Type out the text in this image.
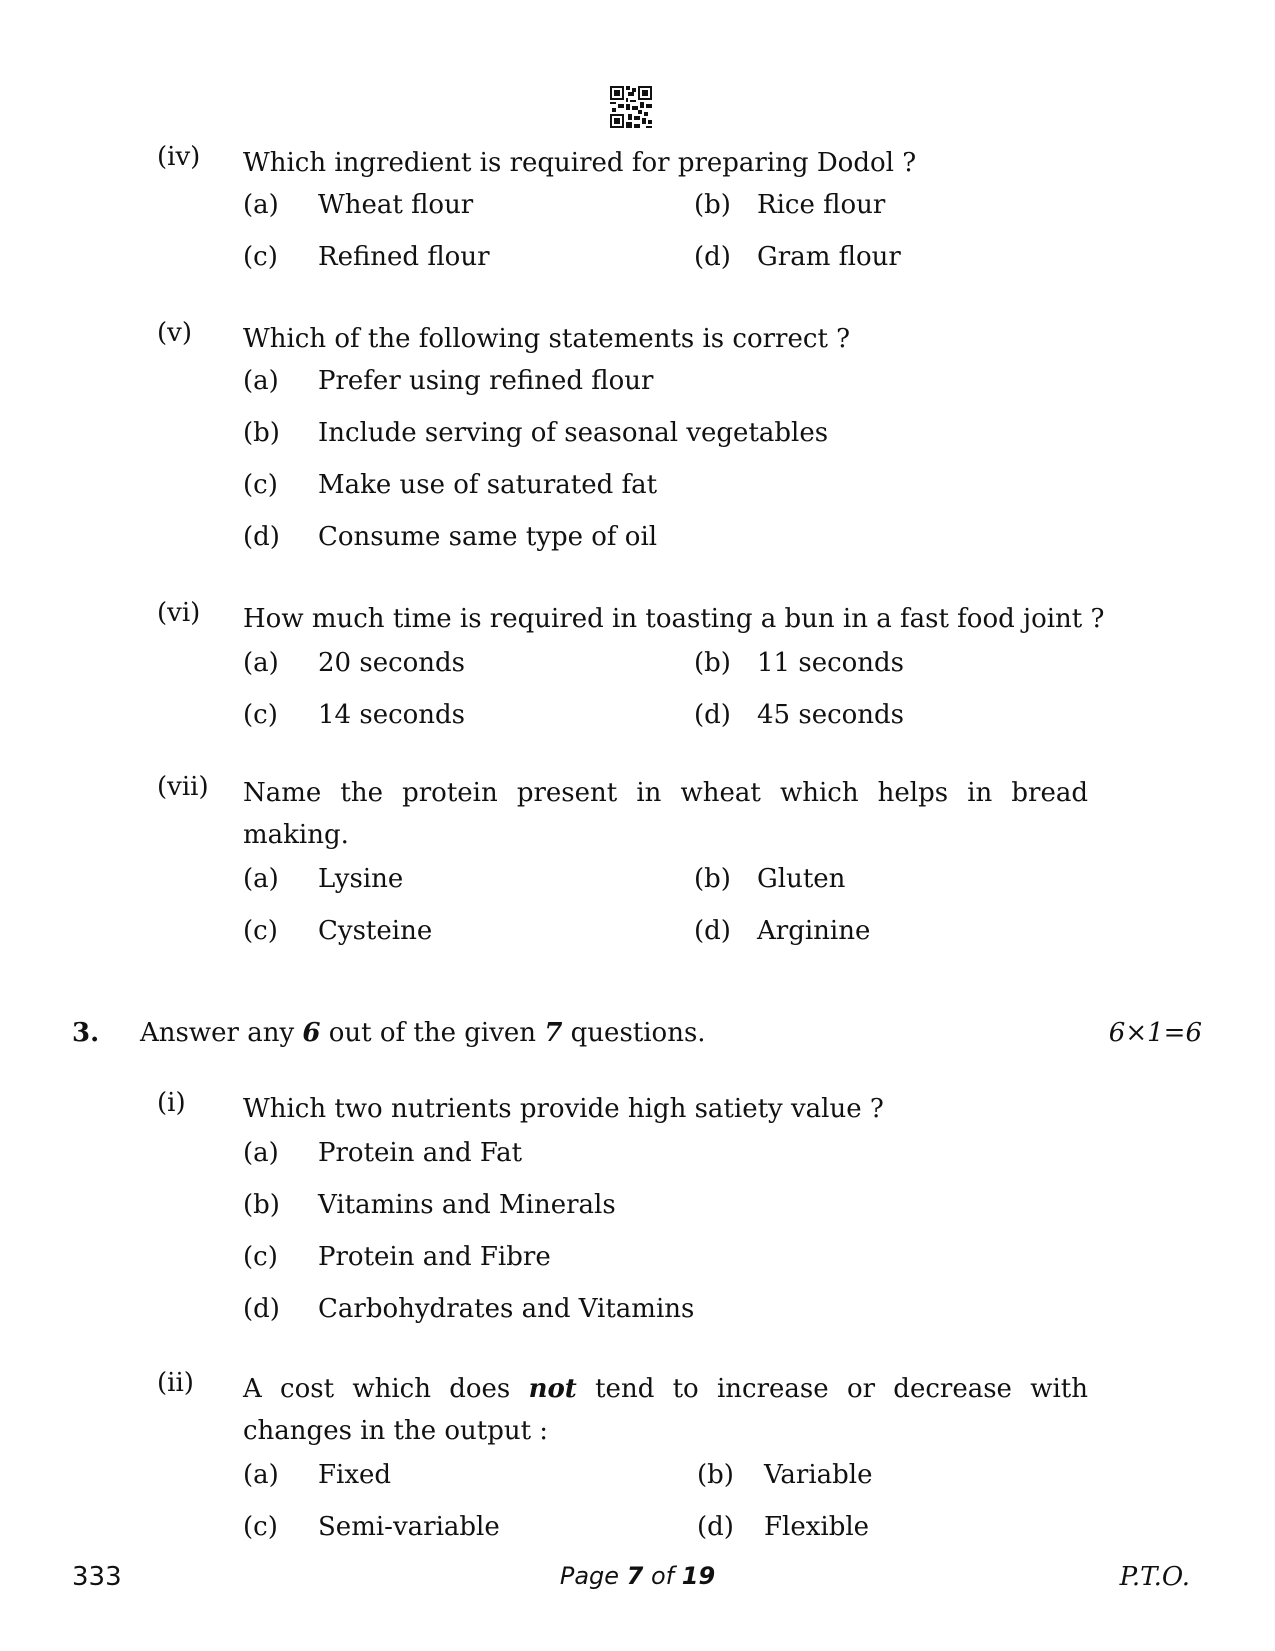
(iv) Which ingredient is required for preparing Dodol ?
(a) Wheat flour	(b) Rice flour
(c) Refined flour	(d) Gram flour
(v) Which of the following statements is correct ?
(a) Prefer using refined flour
(b) Include serving of seasonal vegetables
(c) Make use of saturated fat
(d) Consume same type of oil
(vi) How much time is required in toasting a bun in a fast food joint ?
(a) 20 seconds	(b) 11 seconds
(c) 14 seconds	(d) 45 seconds
(vii) Name the protein present in wheat which helps in bread making.
(a) Lysine	(b) Gluten
(c) Cysteine	(d) Arginine
3. Answer any 6 out of the given 7 questions.	6×1=6
(i) Which two nutrients provide high satiety value ?
(a) Protein and Fat
(b) Vitamins and Minerals
(c) Protein and Fibre
(d) Carbohydrates and Vitamins
(ii) A cost which does not tend to increase or decrease with changes in the output :
(a) Fixed	(b) Variable
(c) Semi-variable	(d) Flexible
333	Page 7 of 19	P.T.O.
